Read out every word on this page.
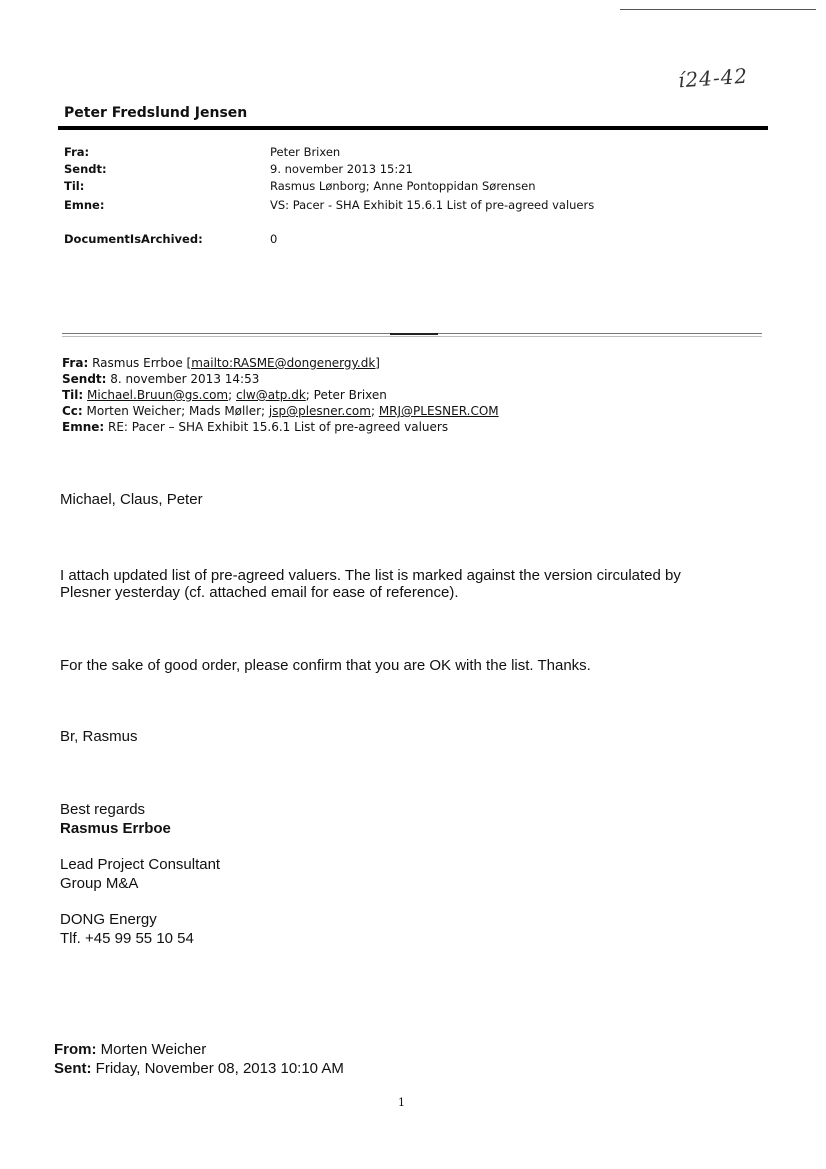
í24-42
Peter Fredslund Jensen
Fra:	Peter Brixen
Sendt:	9. november 2013 15:21
Til:	Rasmus Lønborg; Anne Pontoppidan Sørensen
Emne:	VS: Pacer - SHA Exhibit 15.6.1 List of pre-agreed valuers
DocumentIsArchived:	0
Fra: Rasmus Errboe [mailto:RASME@dongenergy.dk]
Sendt: 8. november 2013 14:53
Til: Michael.Bruun@gs.com; clw@atp.dk; Peter Brixen
Cc: Morten Weicher; Mads Møller; jsp@plesner.com; MRJ@PLESNER.COM
Emne: RE: Pacer – SHA Exhibit 15.6.1 List of pre-agreed valuers
Michael, Claus, Peter
I attach updated list of pre-agreed valuers. The list is marked against the version circulated by
Plesner yesterday (cf. attached email for ease of reference).
For the sake of good order, please confirm that you are OK with the list. Thanks.
Br, Rasmus
Best regards
Rasmus Errboe
Lead Project Consultant
Group M&A
DONG Energy
Tlf. +45 99 55 10 54
From: Morten Weicher
Sent: Friday, November 08, 2013 10:10 AM
1
